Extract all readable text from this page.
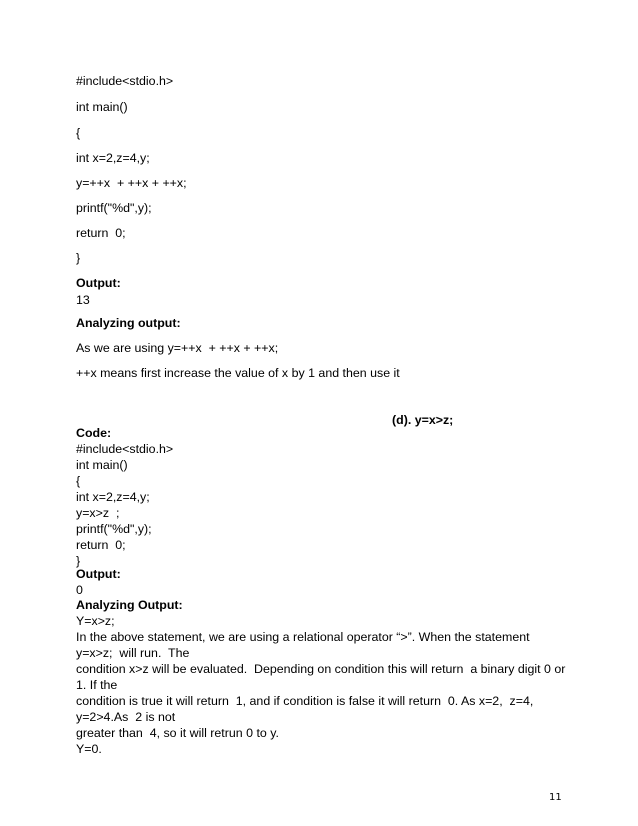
#include<stdio.h>
int main()
{
int x=2,z=4,y;
y=++x  + ++x + ++x;
printf("%d",y);
return  0;
}
Output:
13
Analyzing output:
As we are using y=++x  + ++x + ++x;
++x means first increase the value of x by 1 and then use it
(d). y=x>z;
Code:
#include<stdio.h>
int main()
{
int x=2,z=4,y;
y=x>z  ;
printf("%d",y);
return  0;
}
Output:
0
Analyzing Output:
Y=x>z;
In the above statement, we are using a relational operator “>”. When the statement
y=x>z;  will run.  The
condition x>z will be evaluated.  Depending on condition this will return  a binary digit 0 or
1. If the
condition is true it will return  1, and if condition is false it will return  0. As x=2,  z=4,
y=2>4.As  2 is not
greater than  4, so it will retrun 0 to y.
Y=0.
11
